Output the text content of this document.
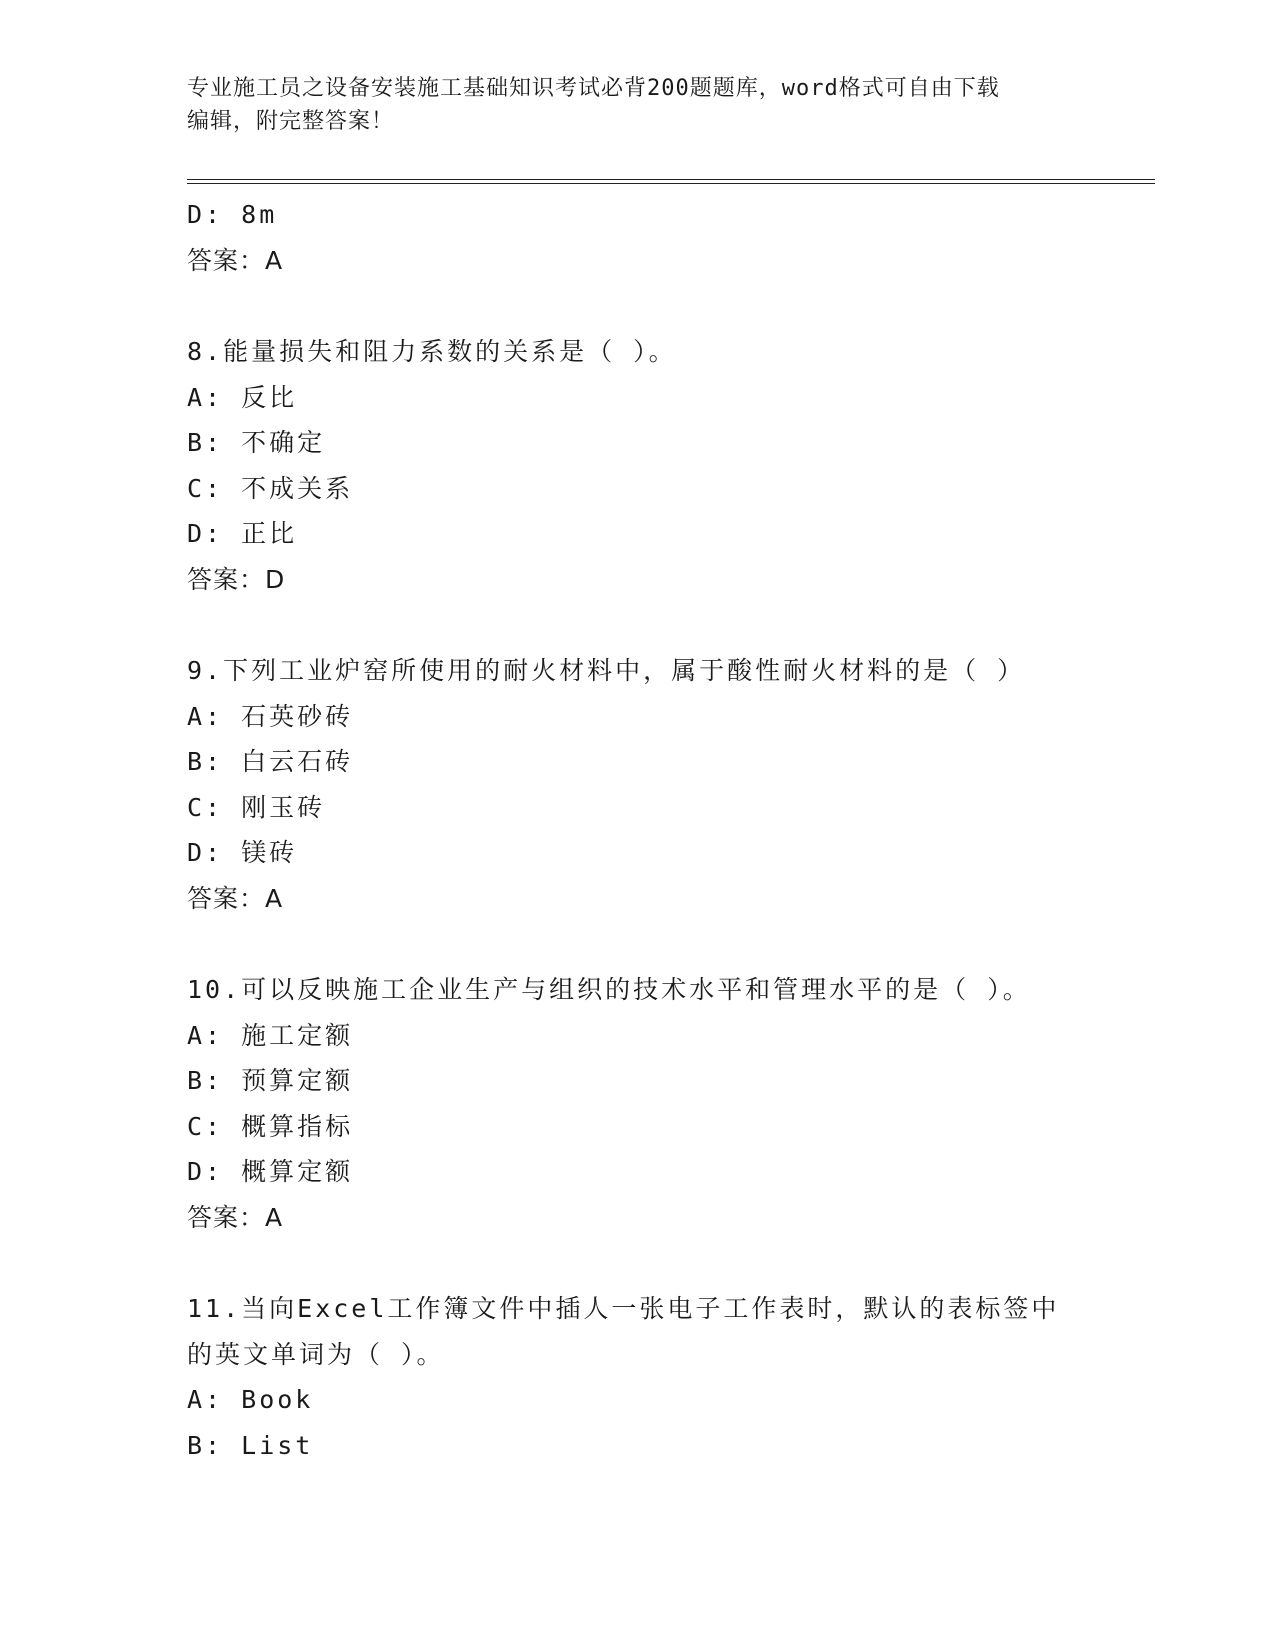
专业施工员之设备安装施工基础知识考试必背200题题库，word格式可自由下载
编辑，附完整答案！
D: 8m
答案：A
8.能量损失和阻力系数的关系是（ ）。
A: 反比
B: 不确定
C: 不成关系
D: 正比
答案：D
9.下列工业炉窑所使用的耐火材料中，属于酸性耐火材料的是（ ）
A: 石英砂砖
B: 白云石砖
C: 刚玉砖
D: 镁砖
答案：A
10.可以反映施工企业生产与组织的技术水平和管理水平的是（ ）。
A: 施工定额
B: 预算定额
C: 概算指标
D: 概算定额
答案：A
11.当向Excel工作簿文件中插人一张电子工作表时，默认的表标签中
的英文单词为（ ）。
A: Book
B: List
